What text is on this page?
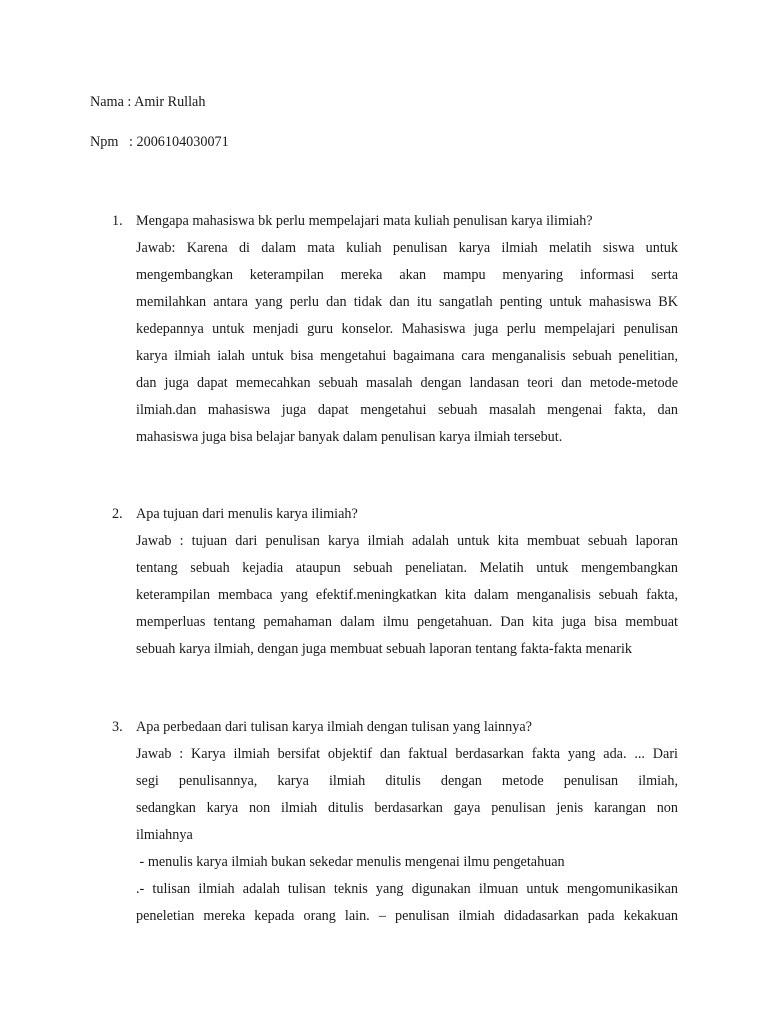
Nama : Amir Rullah
Npm   : 2006104030071
1. Mengapa mahasiswa bk perlu mempelajari mata kuliah penulisan karya ilimiah?
Jawab: Karena di dalam mata kuliah penulisan karya ilmiah melatih siswa untuk
mengembangkan keterampilan mereka akan mampu menyaring informasi serta
memilahkan antara yang perlu dan tidak dan itu sangatlah penting untuk mahasiswa BK
kedepannya untuk menjadi guru konselor. Mahasiswa juga perlu mempelajari penulisan
karya ilmiah ialah untuk bisa mengetahui bagaimana cara menganalisis sebuah penelitian,
dan juga dapat memecahkan sebuah masalah dengan landasan teori dan metode-metode
ilmiah.dan mahasiswa juga dapat mengetahui sebuah masalah mengenai fakta, dan
mahasiswa juga bisa belajar banyak dalam penulisan karya ilmiah tersebut.
2. Apa tujuan dari menulis karya ilimiah?
Jawab : tujuan dari penulisan karya ilmiah adalah untuk kita membuat sebuah laporan
tentang sebuah kejadia ataupun sebuah peneliatan. Melatih untuk mengembangkan
keterampilan membaca yang efektif.meningkatkan kita dalam menganalisis sebuah fakta,
memperluas tentang pemahaman dalam ilmu pengetahuan. Dan kita juga bisa membuat
sebuah karya ilmiah, dengan juga membuat sebuah laporan tentang fakta-fakta menarik
3. Apa perbedaan dari tulisan karya ilmiah dengan tulisan yang lainnya?
Jawab : Karya ilmiah bersifat objektif dan faktual berdasarkan fakta yang ada. ... Dari
segi penulisannya, karya ilmiah ditulis dengan metode penulisan ilmiah,
sedangkan karya non ilmiah ditulis berdasarkan gaya penulisan jenis karangan non
ilmiahnya
- menulis karya ilmiah bukan sekedar menulis mengenai ilmu pengetahuan
.- tulisan ilmiah adalah tulisan teknis yang digunakan ilmuan untuk mengomunikasikan
peneletian mereka kepada orang lain. – penulisan ilmiah didadasarkan pada kekakuan
